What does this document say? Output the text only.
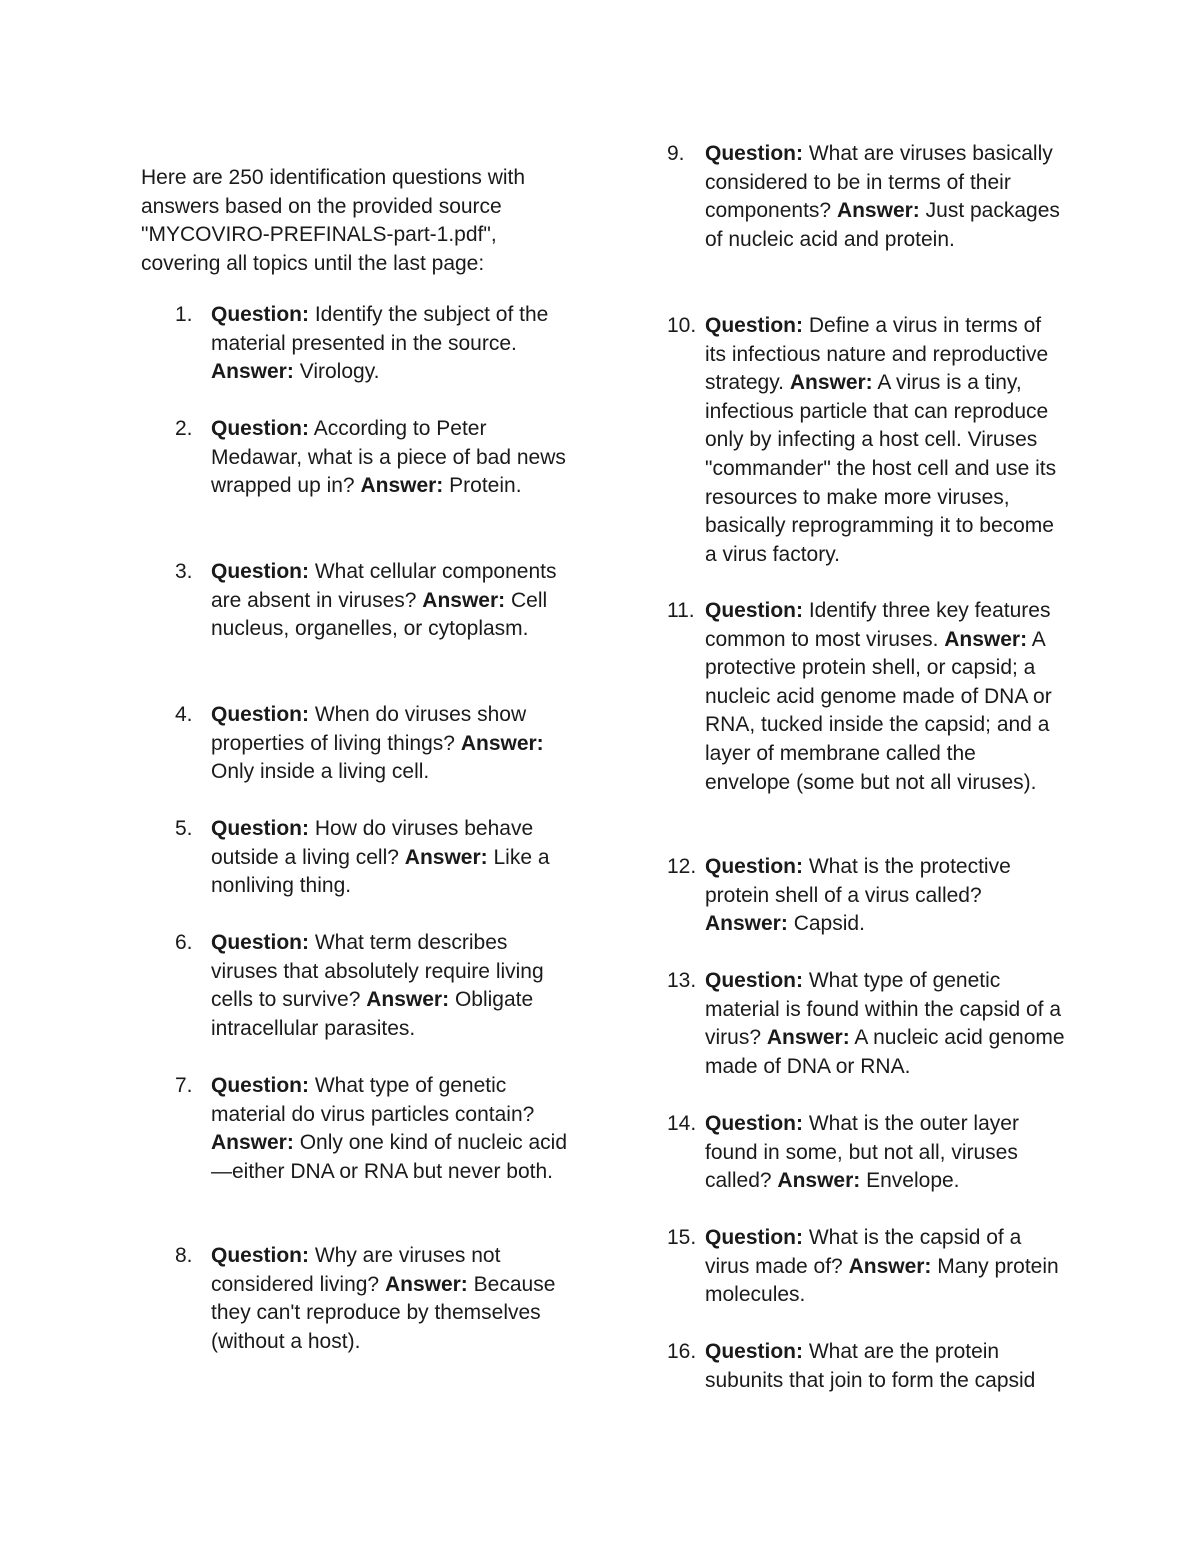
Here are 250 identification questions with answers based on the provided source "MYCOVIRO-PREFINALS-part-1.pdf", covering all topics until the last page:

1. Question: Identify the subject of the material presented in the source. Answer: Virology.
2. Question: According to Peter Medawar, what is a piece of bad news wrapped up in? Answer: Protein.
3. Question: What cellular components are absent in viruses? Answer: Cell nucleus, organelles, or cytoplasm.
4. Question: When do viruses show properties of living things? Answer: Only inside a living cell.
5. Question: How do viruses behave outside a living cell? Answer: Like a nonliving thing.
6. Question: What term describes viruses that absolutely require living cells to survive? Answer: Obligate intracellular parasites.
7. Question: What type of genetic material do virus particles contain? Answer: Only one kind of nucleic acid—either DNA or RNA but never both.
8. Question: Why are viruses not considered living? Answer: Because they can't reproduce by themselves (without a host).
9. Question: What are viruses basically considered to be in terms of their components? Answer: Just packages of nucleic acid and protein.
10. Question: Define a virus in terms of its infectious nature and reproductive strategy. Answer: A virus is a tiny, infectious particle that can reproduce only by infecting a host cell. Viruses "commander" the host cell and use its resources to make more viruses, basically reprogramming it to become a virus factory.
11. Question: Identify three key features common to most viruses. Answer: A protective protein shell, or capsid; a nucleic acid genome made of DNA or RNA, tucked inside the capsid; and a layer of membrane called the envelope (some but not all viruses).
12. Question: What is the protective protein shell of a virus called? Answer: Capsid.
13. Question: What type of genetic material is found within the capsid of a virus? Answer: A nucleic acid genome made of DNA or RNA.
14. Question: What is the outer layer found in some, but not all, viruses called? Answer: Envelope.
15. Question: What is the capsid of a virus made of? Answer: Many protein molecules.
16. Question: What are the protein subunits that join to form the capsid
